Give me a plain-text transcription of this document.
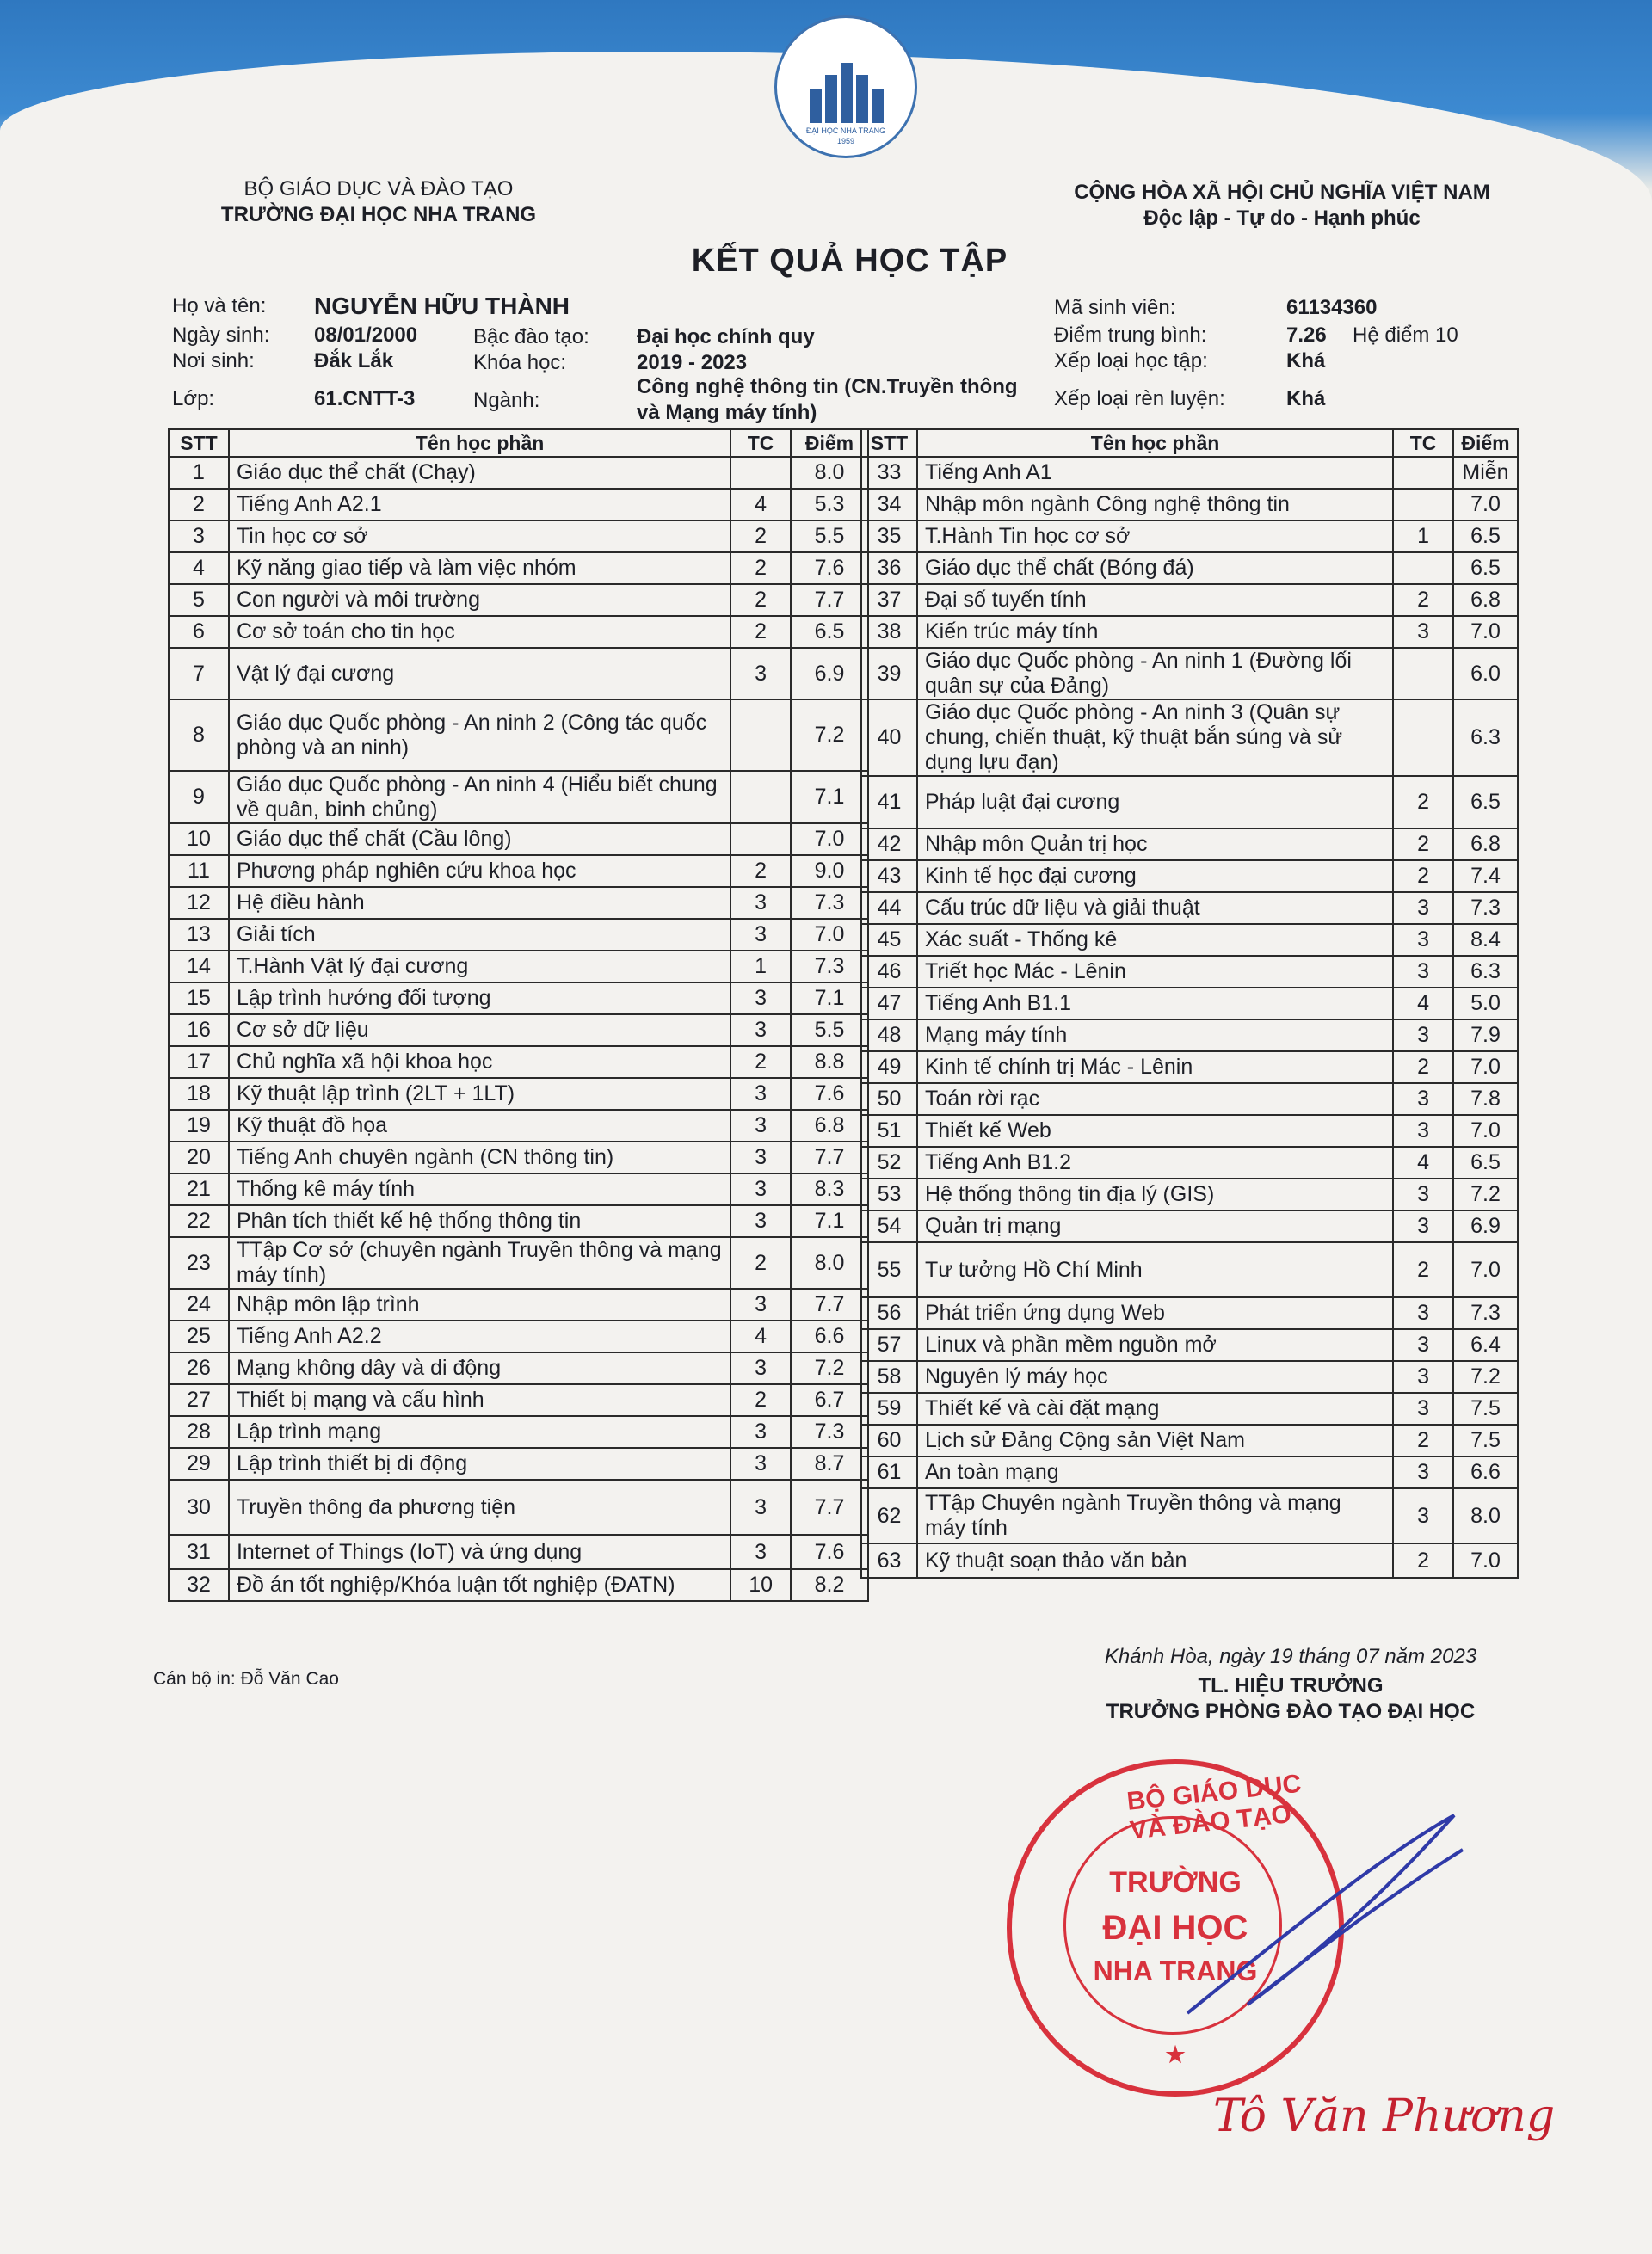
ĐẠI HỌC NHA TRANG
1959
BỘ GIÁO DỤC VÀ ĐÀO TẠO
TRƯỜNG ĐẠI HỌC NHA TRANG
CỘNG HÒA XÃ HỘI CHỦ NGHĨA VIỆT NAM
Độc lập - Tự do - Hạnh phúc
KẾT QUẢ HỌC TẬP
Họ và tên: NGUYỄN HỮU THÀNH
Ngày sinh: 08/01/2000
Nơi sinh:	Đắk Lắk
Lớp:	61.CNTT-3
Bậc đào tạo: Đại học chính quy
Khóa học:	2019 - 2023
Ngành:
Công nghệ thông tin (CN.Truyền thông
và Mạng máy tính)
Mã sinh viên:	61134360
Điểm trung bình:	7.26 Hệ điểm 10
Xếp loại học tập:	Khá
Xếp loại rèn luyện:	Khá
STT	Tên học phần	TC	Điểm
1	Giáo dục thể chất (Chạy)		8.0
2	Tiếng Anh A2.1	4	5.3
3	Tin học cơ sở	2	5.5
4	Kỹ năng giao tiếp và làm việc nhóm	2	7.6
5	Con người và môi trường	2	7.7
6	Cơ sở toán cho tin học	2	6.5
7	Vật lý đại cương	3	6.9
8	Giáo dục Quốc phòng - An ninh 2 (Công tác quốc phòng và an ninh)		7.2
9	Giáo dục Quốc phòng - An ninh 4 (Hiểu biết chung về quân, binh chủng)		7.1
10	Giáo dục thể chất (Cầu lông)		7.0
11	Phương pháp nghiên cứu khoa học	2	9.0
12	Hệ điều hành	3	7.3
13	Giải tích	3	7.0
14	T.Hành Vật lý đại cương	1	7.3
15	Lập trình hướng đối tượng	3	7.1
16	Cơ sở dữ liệu	3	5.5
17	Chủ nghĩa xã hội khoa học	2	8.8
18	Kỹ thuật lập trình (2LT + 1LT)	3	7.6
19	Kỹ thuật đồ họa	3	6.8
20	Tiếng Anh chuyên ngành (CN thông tin)	3	7.7
21	Thống kê máy tính	3	8.3
22	Phân tích thiết kế hệ thống thông tin	3	7.1
23	TTập Cơ sở (chuyên ngành Truyền thông và mạng máy tính)	2	8.0
24	Nhập môn lập trình	3	7.7
25	Tiếng Anh A2.2	4	6.6
26	Mạng không dây và di động	3	7.2
27	Thiết bị mạng và cấu hình	2	6.7
28	Lập trình mạng	3	7.3
29	Lập trình thiết bị di động	3	8.7
30	Truyền thông đa phương tiện	3	7.7
31	Internet of Things (IoT) và ứng dụng	3	7.6
32	Đồ án tốt nghiệp/Khóa luận tốt nghiệp (ĐATN)	10	8.2
STT	Tên học phần	TC	Điểm
33	Tiếng Anh A1		Miễn
34	Nhập môn ngành Công nghệ thông tin		7.0
35	T.Hành Tin học cơ sở	1	6.5
36	Giáo dục thể chất (Bóng đá)		6.5
37	Đại số tuyến tính	2	6.8
38	Kiến trúc máy tính	3	7.0
39	Giáo dục Quốc phòng - An ninh 1 (Đường lối quân sự của Đảng)		6.0
40	Giáo dục Quốc phòng - An ninh 3 (Quân sự chung, chiến thuật, kỹ thuật bắn súng và sử dụng lựu đạn)		6.3
41	Pháp luật đại cương	2	6.5
42	Nhập môn Quản trị học	2	6.8
43	Kinh tế học đại cương	2	7.4
44	Cấu trúc dữ liệu và giải thuật	3	7.3
45	Xác suất - Thống kê	3	8.4
46	Triết học Mác - Lênin	3	6.3
47	Tiếng Anh B1.1	4	5.0
48	Mạng máy tính	3	7.9
49	Kinh tế chính trị Mác - Lênin	2	7.0
50	Toán rời rạc	3	7.8
51	Thiết kế Web	3	7.0
52	Tiếng Anh B1.2	4	6.5
53	Hệ thống thông tin địa lý (GIS)	3	7.2
54	Quản trị mạng	3	6.9
55	Tư tưởng Hồ Chí Minh	2	7.0
56	Phát triển ứng dụng Web	3	7.3
57	Linux và phần mềm nguồn mở	3	6.4
58	Nguyên lý máy học	3	7.2
59	Thiết kế và cài đặt mạng	3	7.5
60	Lịch sử Đảng Cộng sản Việt Nam	2	7.5
61	An toàn mạng	3	6.6
62	TTập Chuyên ngành Truyền thông và mạng máy tính	3	8.0
63	Kỹ thuật soạn thảo văn bản	2	7.0
Cán bộ in: Đỗ Văn Cao
Khánh Hòa, ngày 19 tháng 07 năm 2023
TL. HIỆU TRƯỞNG
TRƯỞNG PHÒNG ĐÀO TẠO ĐẠI HỌC
BỘ GIÁO DỤC VÀ ĐÀO TẠO
TRƯỜNG
ĐẠI HỌC
NHA TRANG
★
Tô Văn Phương
